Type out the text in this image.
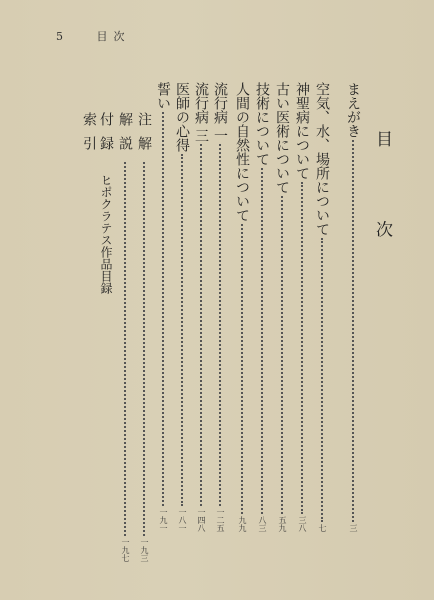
5	目次
目 次
まえがき
三
空気、水、場所について
七
神聖病について
三八
古い医術について
五九
技術について
八三
人間の自然性について
九九
流行病 一
一二五
流行病 三
一四八
医師の心得
一八一
誓い
一九一
注解
一九三
解説
一九七
付録
ヒポクラテス作品目録
索引
